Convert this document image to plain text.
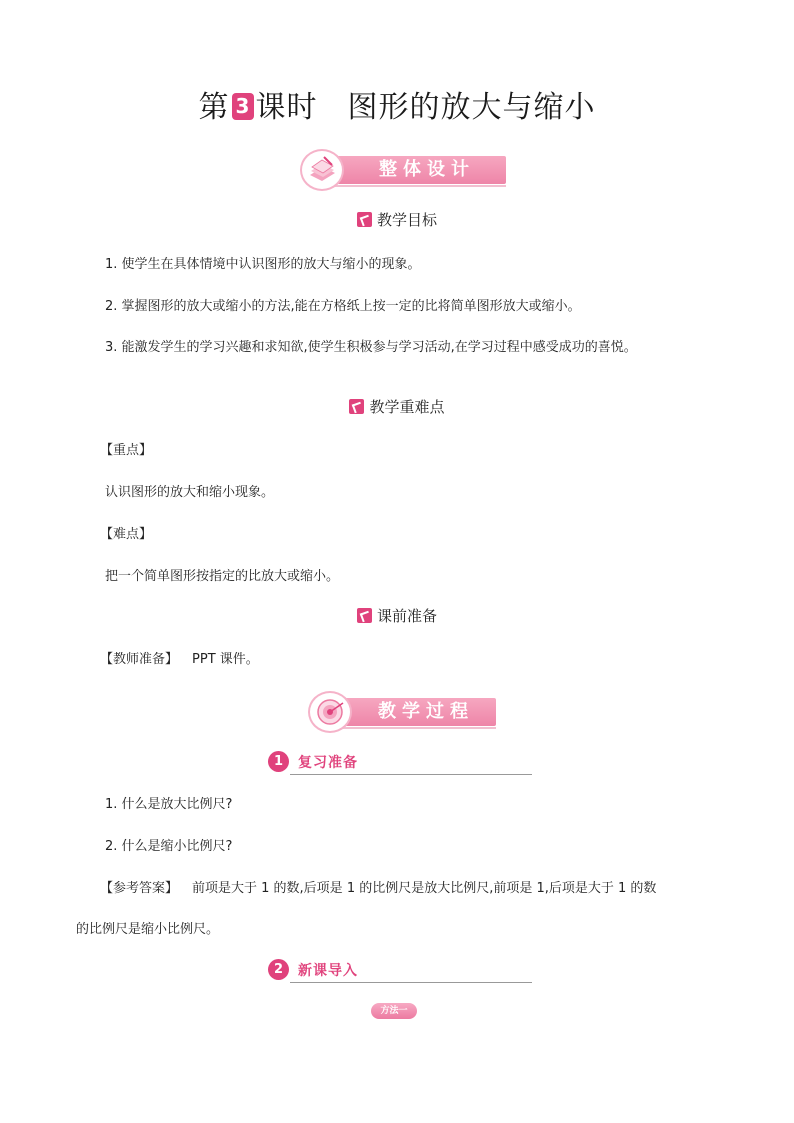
第 3 课时 图形的放大与缩小
整体设计
教学目标
1. 使学生在具体情境中认识图形的放大与缩小的现象。
2. 掌握图形的放大或缩小的方法,能在方格纸上按一定的比将简单图形放大或缩小。
3. 能激发学生的学习兴趣和求知欲,使学生积极参与学习活动,在学习过程中感受成功的喜悦。
教学重难点
【重点】
认识图形的放大和缩小现象。
【难点】
把一个简单图形按指定的比放大或缩小。
课前准备
【教师准备】 PPT 课件。
教学过程
1	复习准备
1. 什么是放大比例尺?
2. 什么是缩小比例尺?
【参考答案】 前项是大于 1 的数,后项是 1 的比例尺是放大比例尺,前项是 1,后项是大于 1 的数
的比例尺是缩小比例尺。
2	新课导入
方法一
